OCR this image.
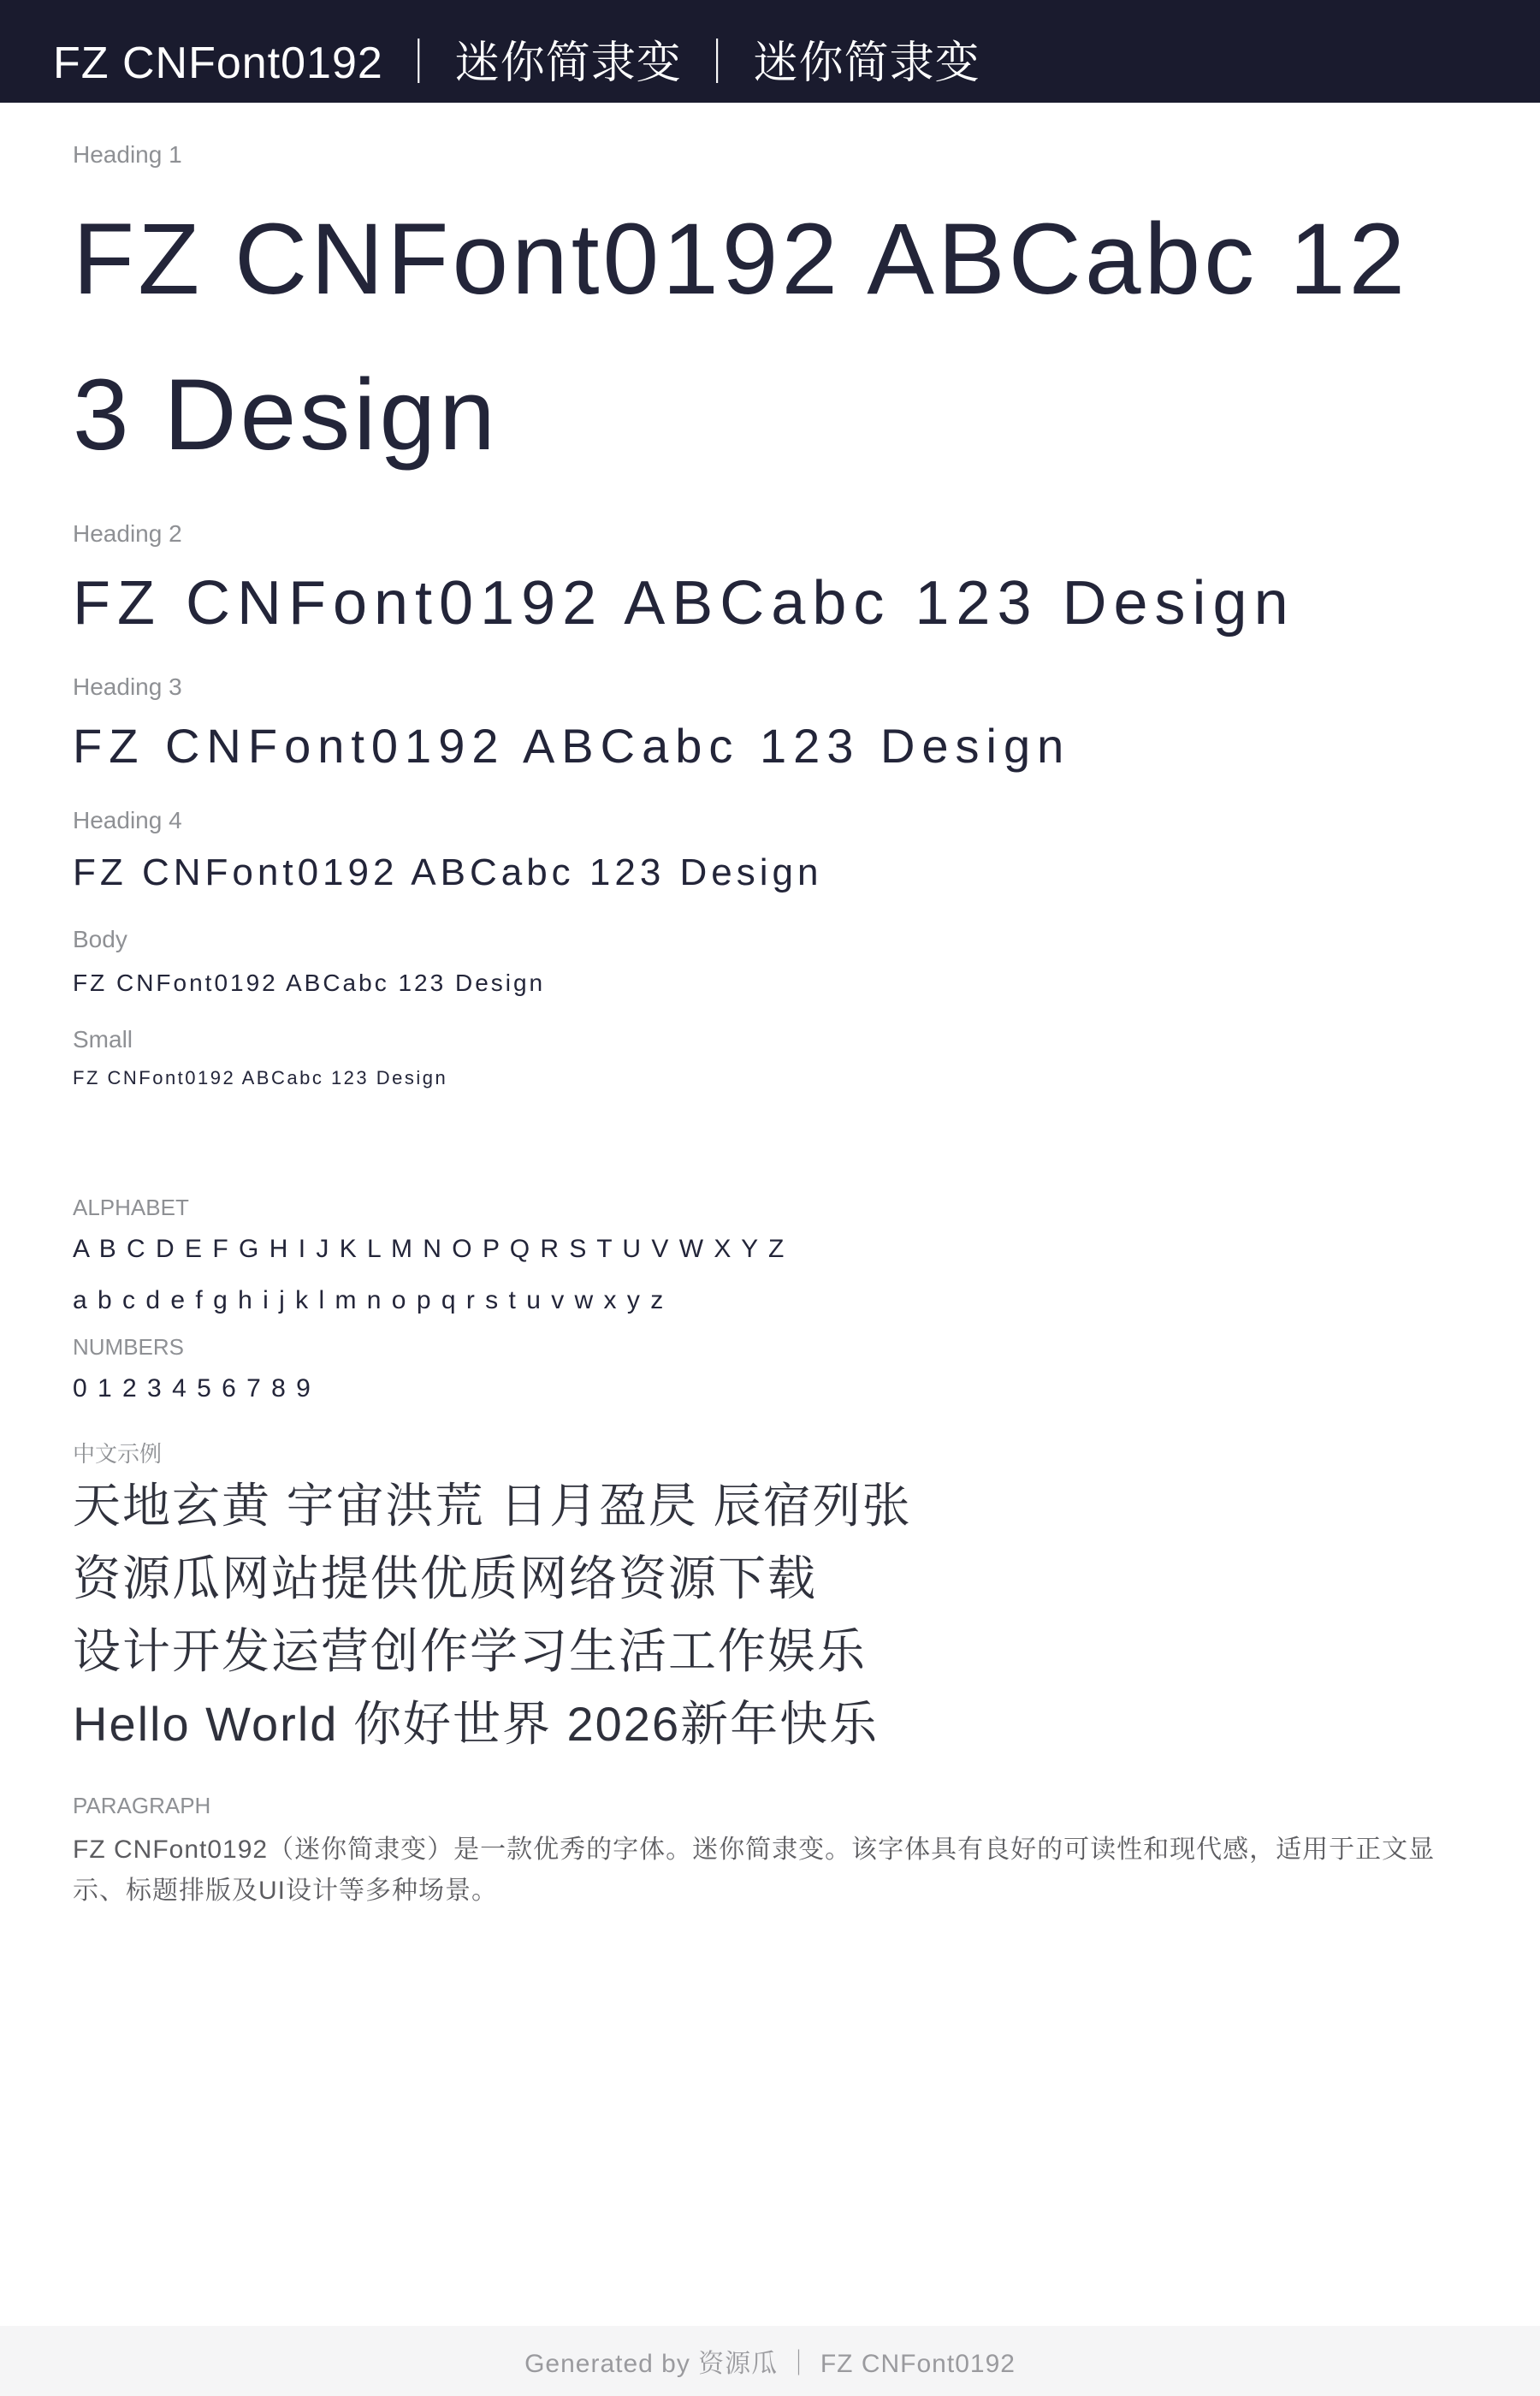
FZ CNFont0192 ｜ 迷你简隶变 ｜ 迷你简隶变
Heading 1
FZ CNFont0192 ABCabc 123 Design
Heading 2
FZ CNFont0192 ABCabc 123 Design
Heading 3
FZ CNFont0192 ABCabc 123 Design
Heading 4
FZ CNFont0192 ABCabc 123 Design
Body
FZ CNFont0192 ABCabc 123 Design
Small
FZ CNFont0192 ABCabc 123 Design
ALPHABET
A B C D E F G H I J K L M N O P Q R S T U V W X Y Z
a b c d e f g h i j k l m n o p q r s t u v w x y z
NUMBERS
0 1 2 3 4 5 6 7 8 9
中文示例
天地玄黄 宇宙洪荒 日月盈昃 辰宿列张
资源瓜网站提供优质网络资源下载
设计开发运营创作学习生活工作娱乐
Hello World 你好世界 2026新年快乐
PARAGRAPH

FZ CNFont0192（迷你简隶变）是一款优秀的字体。迷你简隶变。该字体具有良好的可读性和现代感，适用于正文显示、标题排版及UI设计等多种场景。

Generated by 资源瓜 ｜ FZ CNFont0192
